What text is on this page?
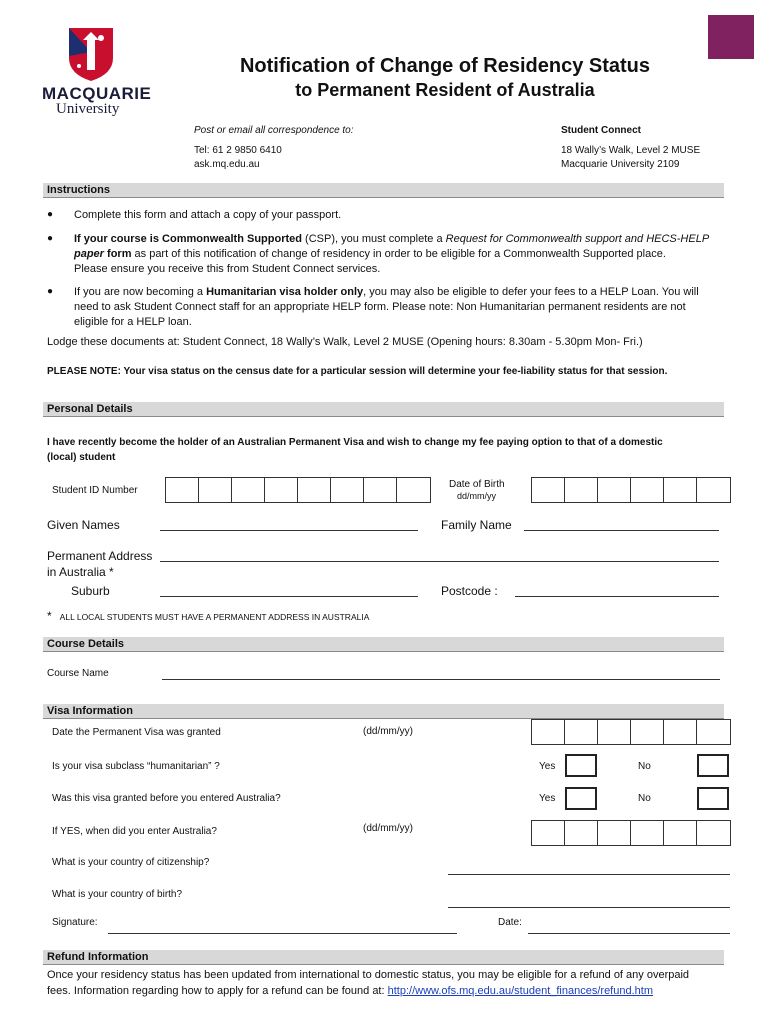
MACQUARIE
University
Notification of Change of Residency Status
to Permanent Resident of Australia
Post or email all correspondence to:
Tel: 61 2 9850 6410
ask.mq.edu.au
Student Connect
18 Wally’s Walk, Level 2 MUSE
Macquarie University 2109
Instructions
● Complete this form and attach a copy of your passport.
● If your course is Commonwealth Supported (CSP), you must complete a Request for Commonwealth support and HECS-HELP
paper form as part of this notification of change of residency in order to be eligible for a Commonwealth Supported place.
Please ensure you receive this from Student Connect services.
● If you are now becoming a Humanitarian visa holder only, you may also be eligible to defer your fees to a HELP Loan. You will
need to ask Student Connect staff for an appropriate HELP form. Please note: Non Humanitarian permanent residents are not
eligible for a HELP loan.
Lodge these documents at: Student Connect, 18 Wally’s Walk, Level 2 MUSE (Opening hours: 8.30am - 5.30pm Mon- Fri.)
PLEASE NOTE: Your visa status on the census date for a particular session will determine your fee-liability status for that session.
Personal Details
I have recently become the holder of an Australian Permanent Visa and wish to change my fee paying option to that of a domestic
(local) student
Student ID Number
Date of Birth
dd/mm/yy
Given Names	Family Name
Permanent Address
in Australia *
Suburb	Postcode :
* ALL LOCAL STUDENTS MUST HAVE A PERMANENT ADDRESS IN AUSTRALIA
Course Details
Course Name
Visa Information
Date the Permanent Visa was granted	(dd/mm/yy)
Is your visa subclass “humanitarian” ?	Yes	No
Was this visa granted before you entered Australia?	Yes	No
If YES, when did you enter Australia?	(dd/mm/yy)
What is your country of citizenship?
What is your country of birth?
Signature:	Date:
Refund Information
Once your residency status has been updated from international to domestic status, you may be eligible for a refund of any overpaid
fees. Information regarding how to apply for a refund can be found at: http://www.ofs.mq.edu.au/student_finances/refund.htm
